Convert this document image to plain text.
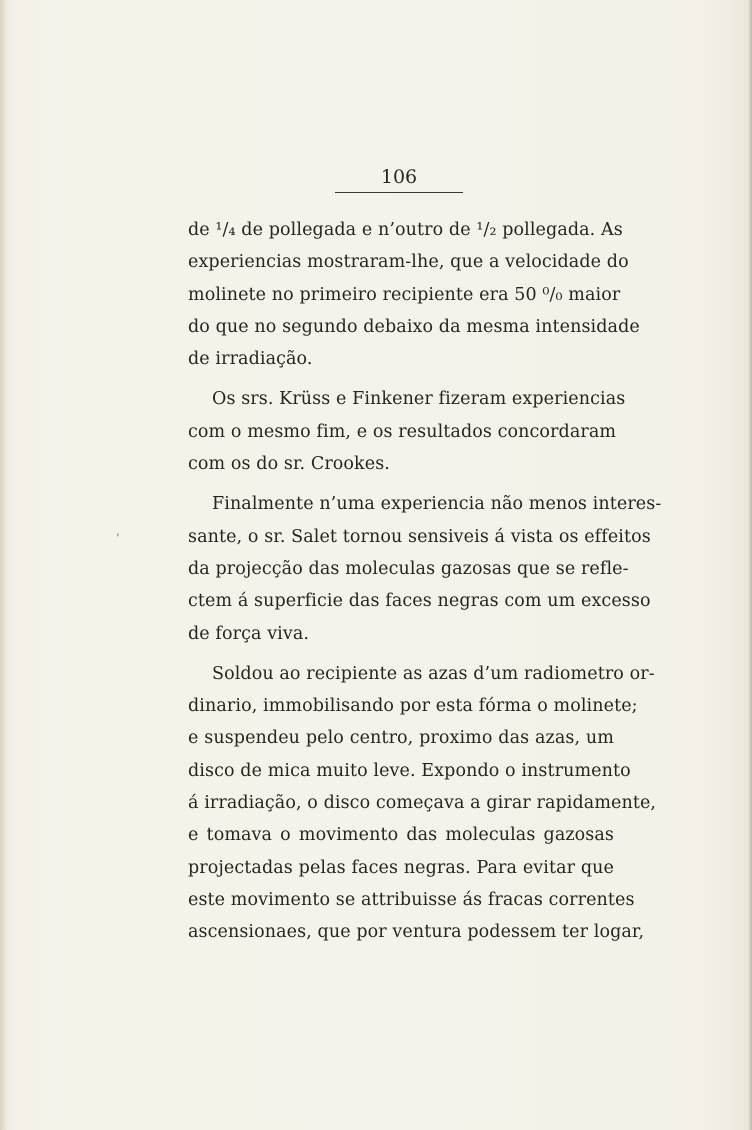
106
,
de ¹/₄ de pollegada e n’outro de ¹/₂ pollegada. As
experiencias mostraram-lhe, que a velocidade do
molinete no primeiro recipiente era 50 ⁰/₀ maior
do que no segundo debaixo da mesma intensidade
de irradiação.
Os srs. Krüss e Finkener fizeram experiencias
com o mesmo fim, e os resultados concordaram
com os do sr. Crookes.
Finalmente n’uma experiencia não menos interes-
sante, o sr. Salet tornou sensiveis á vista os effeitos
da projecção das moleculas gazosas que se refle-
ctem á superficie das faces negras com um excesso
de força viva.
Soldou ao recipiente as azas d’um radiometro or-
dinario, immobilisando por esta fórma o molinete;
e suspendeu pelo centro, proximo das azas, um
disco de mica muito leve. Expondo o instrumento
á irradiação, o disco começava a girar rapidamente,
e tomava o movimento das moleculas gazosas
projectadas pelas faces negras. Para evitar que
este movimento se attribuisse ás fracas correntes
ascensionaes, que por ventura podessem ter logar,
